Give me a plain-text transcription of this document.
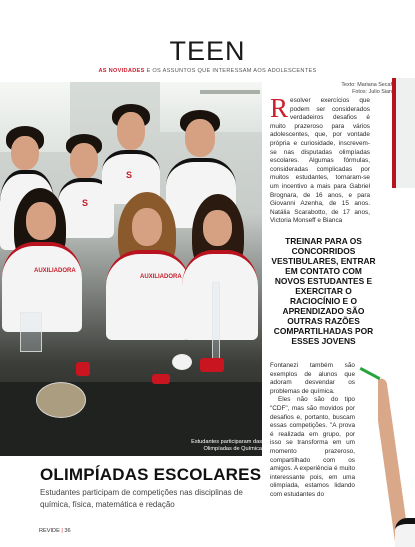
TEEN
AS NOVIDADES E OS ASSUNTOS QUE INTERESSAM AOS ADOLESCENTES
S
S
AUXILIADORA
AUXILIADORA
Estudantes participaram das Olimpíadas de Química
Texto: Mariana Secaf
Fotos: Julio Sian
Resolver exercícios que podem ser considerados verdadeiros desafios é muito prazeroso para vários adolescentes, que, por vontade própria e curiosidade, inscrevem-se nas disputadas olimpíadas escolares. Algumas fórmulas, consideradas complicadas por muitos estudantes, tornaram-se um incentivo a mais para Gabriel Brognara, de 16 anos, e para Giovanni Azenha, de 15 anos. Natália Scarabotto, de 17 anos, Victoria Monseff e Bianca
TREINAR PARA OS CONCORRIDOS VESTIBULARES, ENTRAR EM CONTATO COM NOVOS ESTUDANTES E EXERCITAR O RACIOCÍNIO E O APRENDIZADO SÃO OUTRAS RAZÕES COMPARTILHADAS POR ESSES JOVENS

Fontanezi também são exemplos de alunos que adoram desvendar os problemas de química.

Eles não são do tipo "CDF", mas são movidos por desafios e, portanto, buscam essas competições. "A prova é realizada em grupo, por isso se transforma em um momento prazeroso, compartilhado com os amigos. A experiência é muito interessante pois, em uma olimpíada, estamos lidando com estudantes do

OLIMPÍADAS ESCOLARES
Estudantes participam de competições nas disciplinas de química, física, matemática e redação
REVIDE | 36
